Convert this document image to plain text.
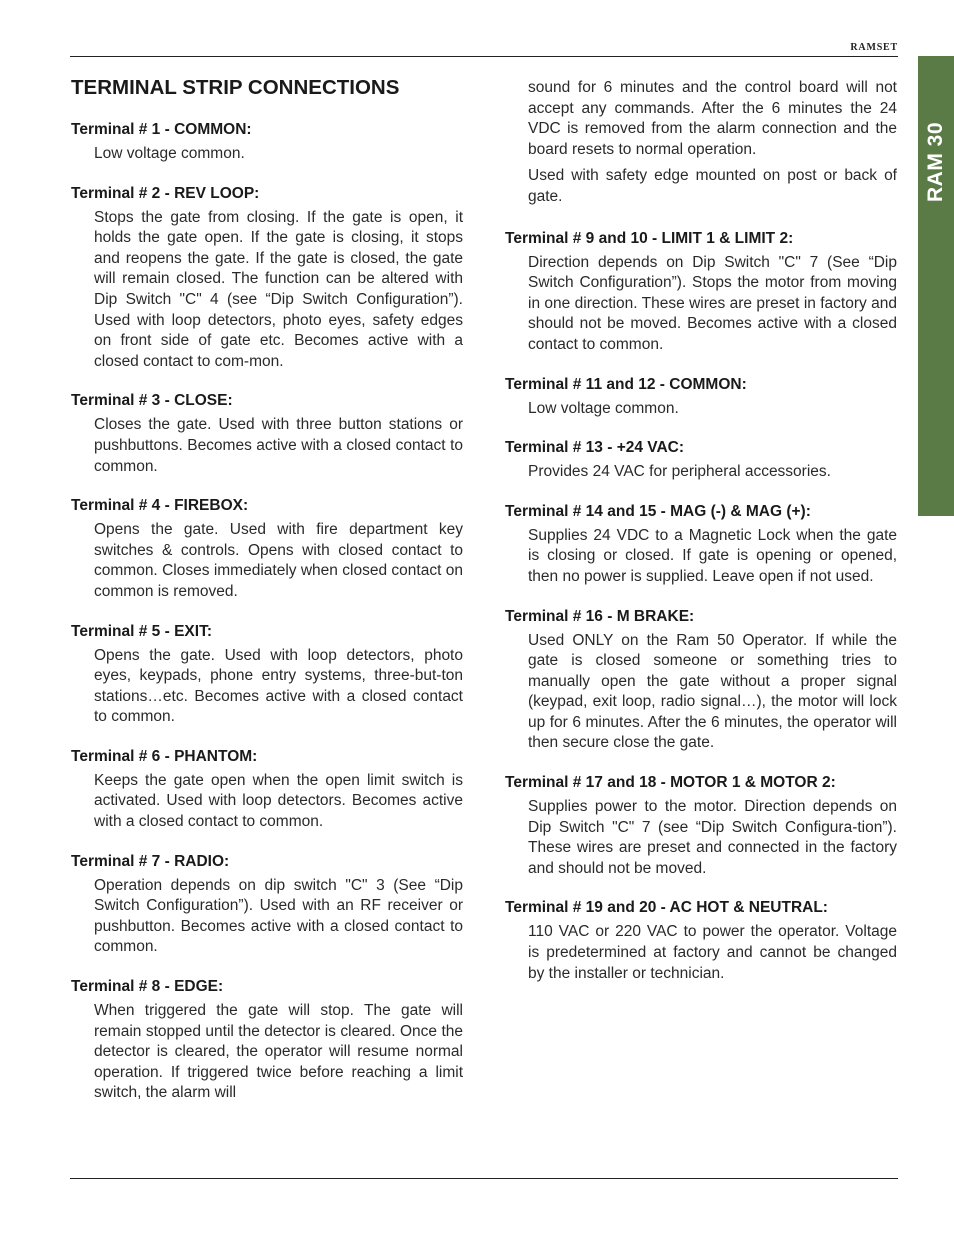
RAMSET
RAM 30
TERMINAL STRIP CONNECTIONS
Terminal # 1 - COMMON:
Low voltage common.
Terminal # 2 - REV LOOP:
Stops the gate from closing. If the gate is open, it holds the gate open. If the gate is closing, it stops and reopens the gate. If the gate is closed, the gate will remain closed. The function can be altered with Dip Switch "C" 4 (see “Dip Switch Configuration”). Used with loop detectors, photo eyes, safety edges on front side of gate etc. Becomes active with a closed contact to com-mon.
Terminal # 3 - CLOSE:
Closes the gate. Used with three button stations or pushbuttons. Becomes active with a closed contact to common.
Terminal # 4 - FIREBOX:
Opens the gate. Used with fire department key switches & controls. Opens with closed contact to common. Closes immediately when closed contact on common is removed.
Terminal # 5 - EXIT:
Opens the gate. Used with loop detectors, photo eyes, keypads, phone entry systems, three-but-ton stations…etc. Becomes active with a closed contact to common.
Terminal # 6 - PHANTOM:
Keeps the gate open when the open limit switch is activated. Used with loop detectors. Becomes active with a closed contact to common.
Terminal # 7 - RADIO:
Operation depends on dip switch "C" 3 (See “Dip Switch Configuration”). Used with an RF receiver or pushbutton. Becomes active with a closed contact to common.
Terminal # 8 - EDGE:
When triggered the gate will stop. The gate will remain stopped until the detector is cleared. Once the detector is cleared, the operator will resume normal operation. If triggered twice before reaching a limit switch, the alarm will
sound for 6 minutes and the control board will not accept any commands. After the 6 minutes the 24 VDC is removed from the alarm connection and the board resets to normal operation.
Used with safety edge mounted on post or back of gate.
Terminal # 9 and 10 - LIMIT 1 & LIMIT 2:
Direction depends on Dip Switch "C" 7 (See “Dip Switch Configuration”). Stops the motor from moving in one direction. These wires are preset in factory and should not be moved. Becomes active with a closed contact to common.
Terminal # 11 and 12 - COMMON:
Low voltage common.
Terminal # 13 - +24 VAC:
Provides 24 VAC for peripheral accessories.
Terminal # 14 and 15 - MAG (-) & MAG (+):
Supplies 24 VDC to a Magnetic Lock when the gate is closing or closed. If gate is opening or opened, then no power is supplied. Leave open if not used.
Terminal # 16 - M BRAKE:
Used ONLY on the Ram 50 Operator. If while the gate is closed someone or something tries to manually open the gate without a proper signal (keypad, exit loop, radio signal…), the motor will lock up for 6 minutes. After the 6 minutes, the operator will then secure close the gate.
Terminal # 17 and 18 - MOTOR 1 & MOTOR 2:
Supplies power to the motor. Direction depends on Dip Switch "C" 7 (see “Dip Switch Configura-tion”). These wires are preset and connected in the factory and should not be moved.
Terminal # 19 and 20 - AC HOT & NEUTRAL:
110 VAC or 220 VAC to power the operator. Voltage is predetermined at factory and cannot be changed by the installer or technician.
